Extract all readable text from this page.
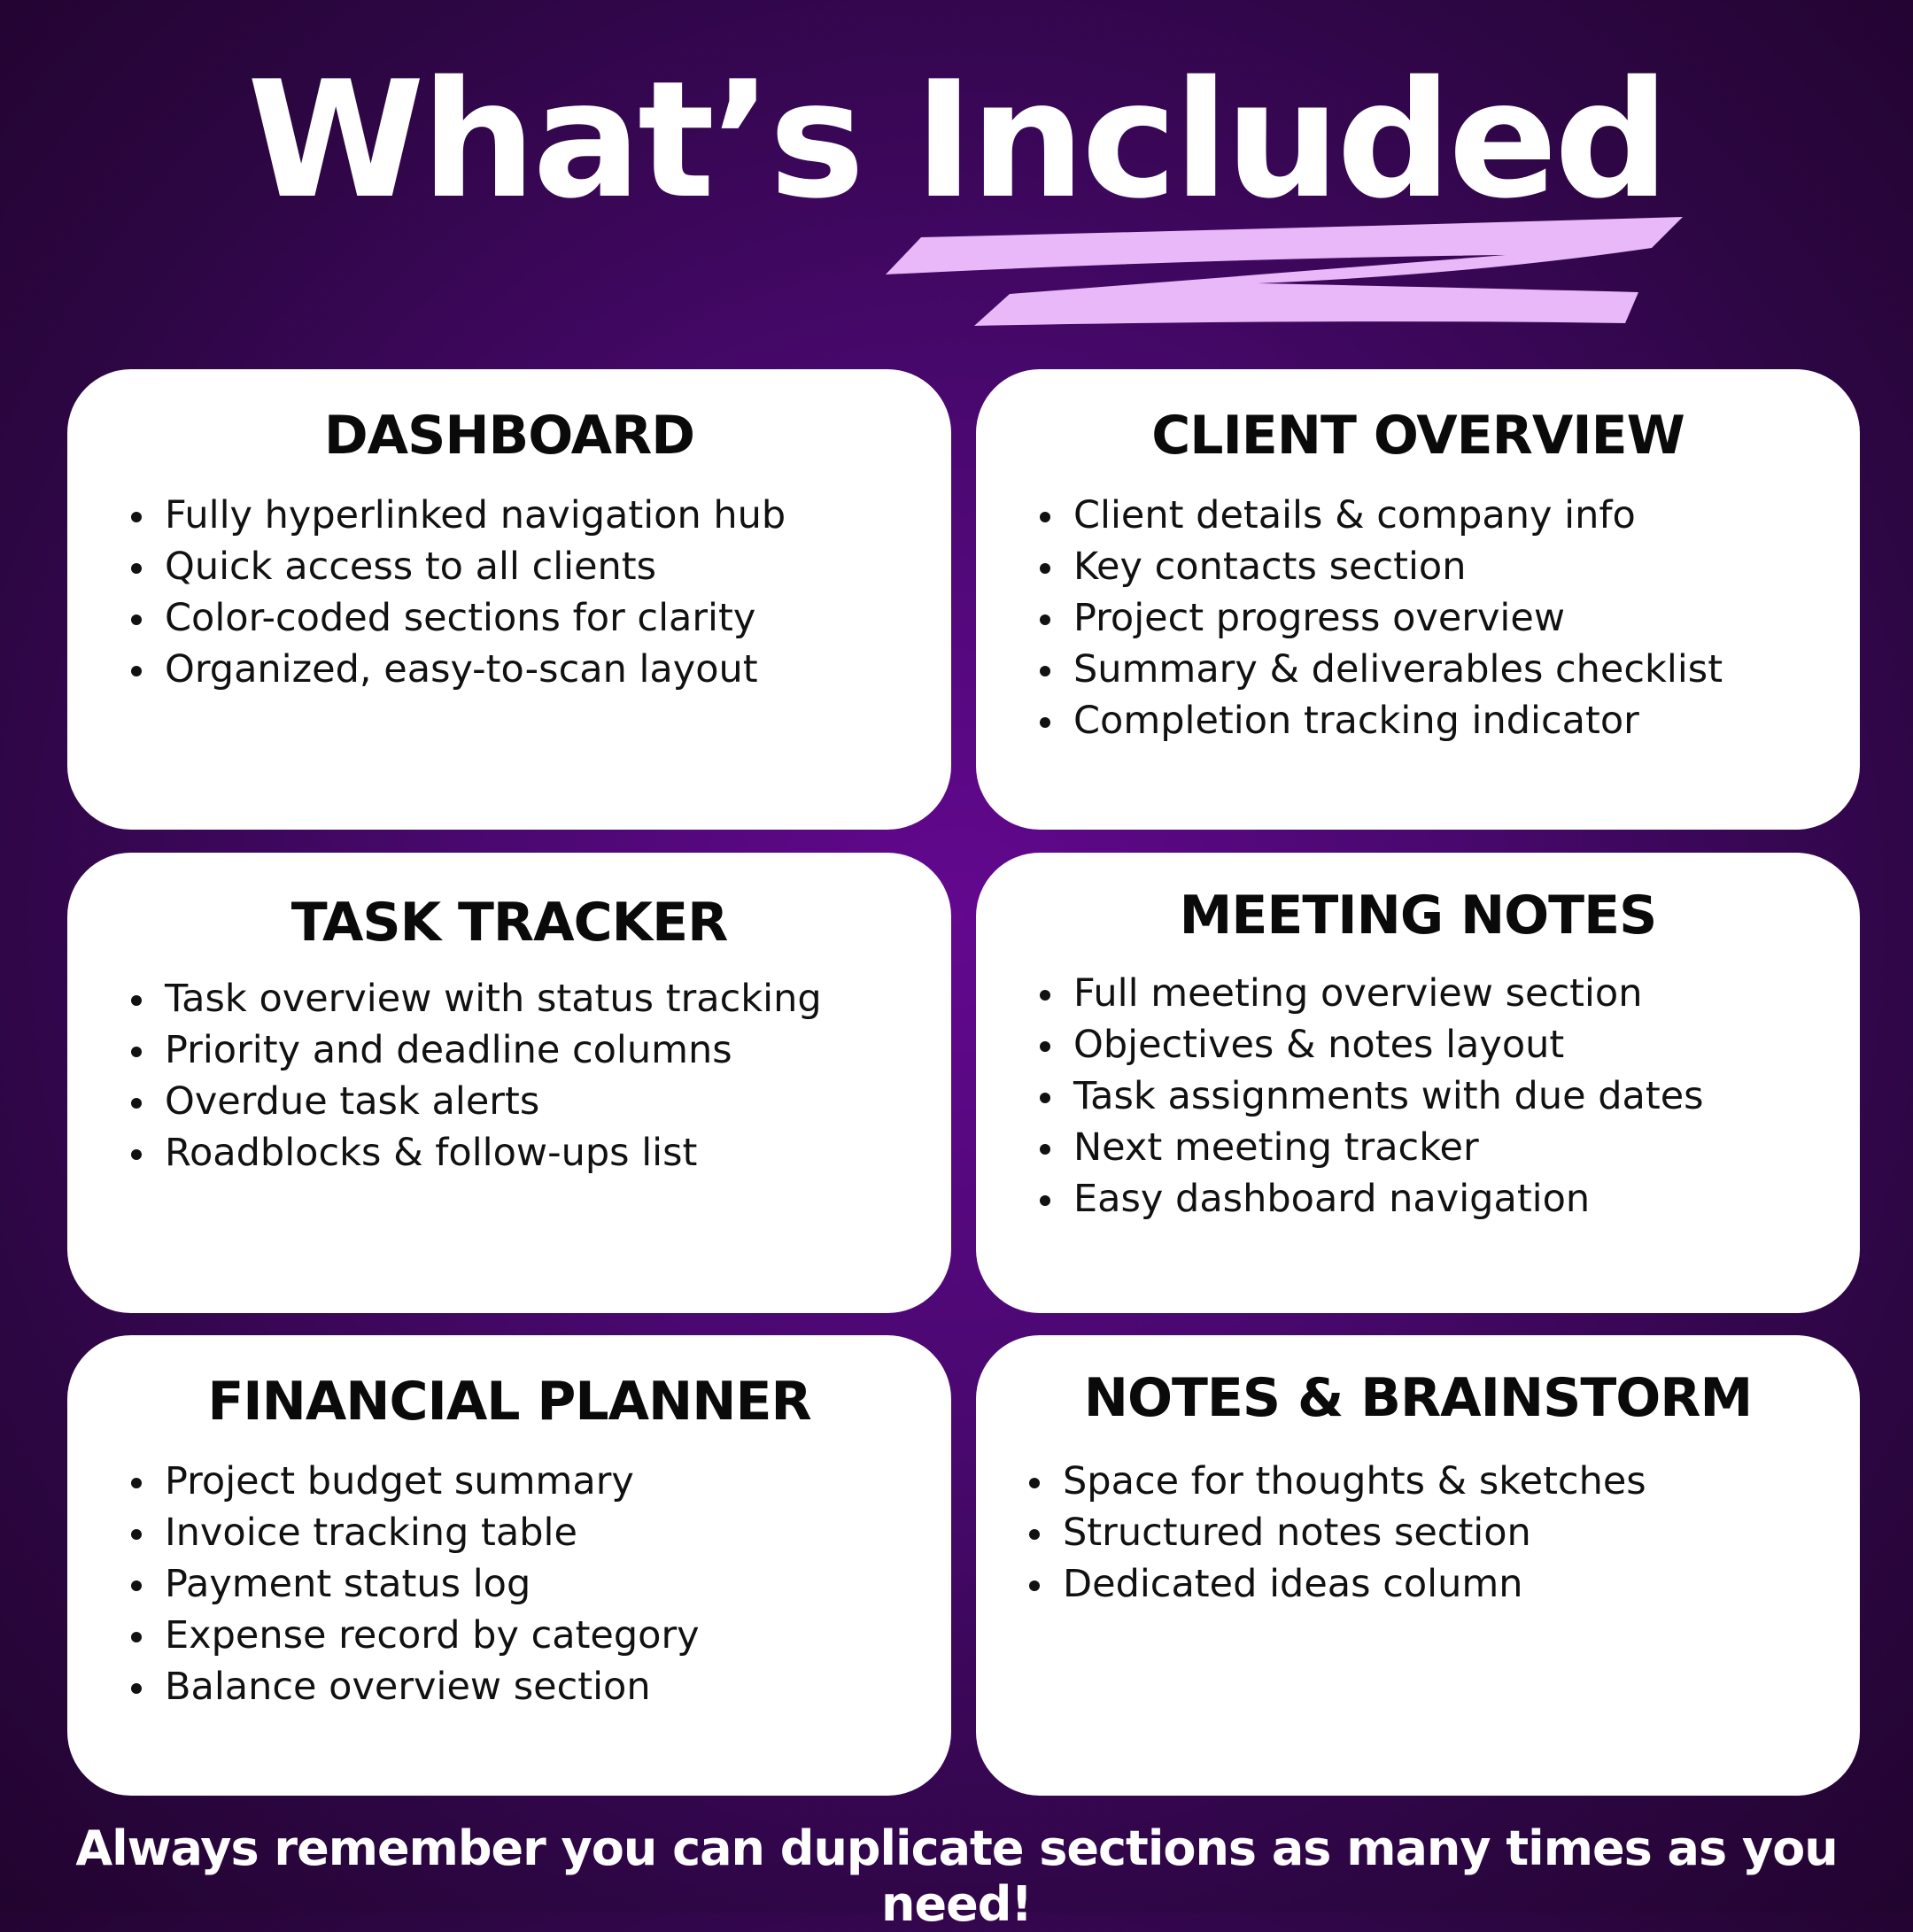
What’s Included
DASHBOARD
Fully hyperlinked navigation hub
Quick access to all clients
Color-coded sections for clarity
Organized, easy-to-scan layout
CLIENT OVERVIEW
Client details & company info
Key contacts section
Project progress overview
Summary & deliverables checklist
Completion tracking indicator
TASK TRACKER
Task overview with status tracking
Priority and deadline columns
Overdue task alerts
Roadblocks & follow-ups list
MEETING NOTES
Full meeting overview section
Objectives & notes layout
Task assignments with due dates
Next meeting tracker
Easy dashboard navigation
FINANCIAL PLANNER
Project budget summary
Invoice tracking table
Payment status log
Expense record by category
Balance overview section
NOTES & BRAINSTORM
Space for thoughts & sketches
Structured notes section
Dedicated ideas column
Always remember you can duplicate sections as many times as you need!
